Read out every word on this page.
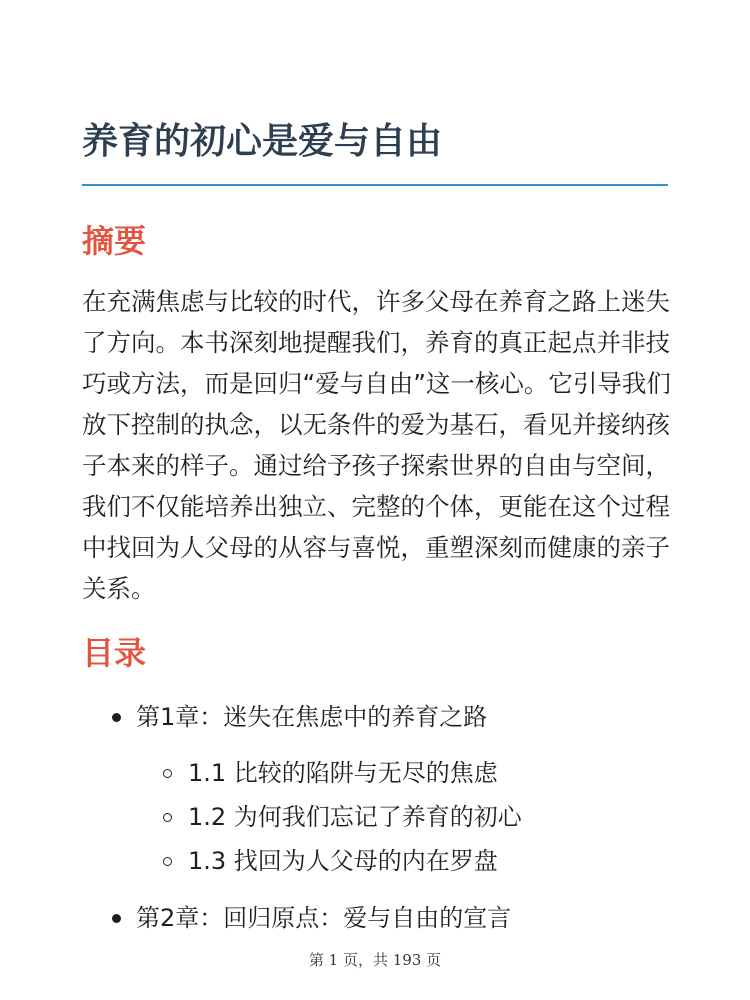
养育的初心是爱与自由
摘要

在充满焦虑与比较的时代，许多父母在养育之路上迷失了方向。本书深刻地提醒我们，养育的真正起点并非技巧或方法，而是回归“爱与自由”这一核心。它引导我们放下控制的执念，以无条件的爱为基石，看见并接纳孩子本来的样子。通过给予孩子探索世界的自由与空间，我们不仅能培养出独立、完整的个体，更能在这个过程中找回为人父母的从容与喜悦，重塑深刻而健康的亲子关系。

目录
第1章：迷失在焦虑中的养育之路
1.1 比较的陷阱与无尽的焦虑
1.2 为何我们忘记了养育的初心
1.3 找回为人父母的内在罗盘
第2章：回归原点：爱与自由的宣言
第 1 页，共 193 页
